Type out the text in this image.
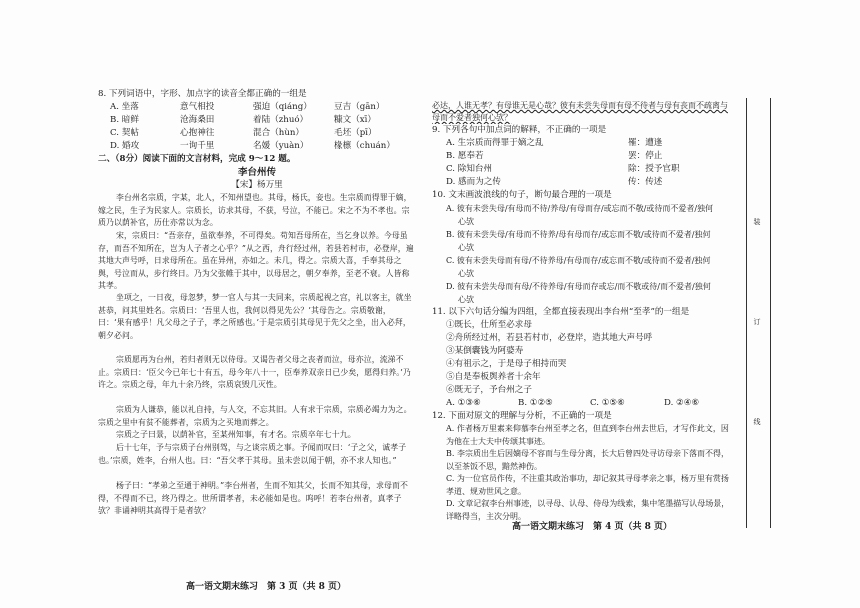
8. 下列词语中，字形、加点字的读音全都正确的一组是
A. 坐落	意气相投	强迫（qiáng）	豆吉（gān）
B. 暗鲜	沧海桑田	着陆（zhuó）	糠文（xī）
C. 契帖	心抱神往	混合（hùn）	毛坯（pī）
D. 婚攻	一询千里	名媛（yuàn）	椽檩（chuán）
二、（8分）阅读下面的文言材料，完成 9～12 题。
李台州传
【宋】杨万里

李台州名宗质，字某，北人，不知州望也。其母，杨氏，妾也。生宗质而得罪于嫡，嫁之民，生子为民家人。宗质长，访求其母，不获，号泣，不能已。宋之不为不孝也。宗质乃以荫补官，历仕亦常以为念。

宋，宗质曰：“吾亲存，虽欲奉养，不可得矣。苟知吾母所在，当乞身以养。今母虽存，而吾不知所在，岂为人子者之心乎？”从之西，舟行经过州，若县若村市，必登岸，遍其地大声号呼，日求母所在。虽在异州，亦如之。未几，得之。宗质大喜，手奉其母之舆，号泣而从，步行终日。乃为父张帷于其中，以母居之，朝夕奉养，至老不衰。人皆称其孝。

坐项之，一日夜，母忽梦，梦一官人与其一夫同来，宗质起视之宫，礼以客主，就坐甚恭，问其里姓名。宗质曰：‘吾里人也，我何以得见先公？’其母告之。宗质敬谢，曰：‘果有感乎！凡父母之子子，孝之所感也。’于是宗质引其母见于先父之坐，出入必拜，朝夕必问。

宗质愿再为台州，若归者则无以侍母。又谒告者父母之丧者而泣，母亦泣，流涕不止。宗质曰：‘臣父今已年七十有五，母今年八十一，臣奉养双亲日已少矣，愿得归养。’乃许之。宗质之母，年九十余乃终，宗质哀毁几灭性。

宗质为人谦恭，能以礼自持，与人交，不忘其旧。人有求于宗质，宗质必竭力为之。宗质之里中有贫不能葬者，宗质为之买地而葬之。

宗质之子曰景，以荫补官，至某州知事，有才名。宗质卒年七十九。

后十七年，予与宗质子台州别驾，与之谈宗质之事。予闻而叹曰：‘子之父，诚孝子也。’宗质，姓李，台州人也。曰：“吾父孝于其母。虽未尝以闻于朝，亦不求人知也。”

杨子曰：“孝弟之至通于神明。”李台州者，生而不知其父，长而不知其母，求母而不得，不得而不已，终乃得之。世所谓孝者，未必能如是也。呜呼！若李台州者，真孝子欤？非诵神明其高得于是者欤？

高一语文期末练习　第 3 页（共 8 页）
必达，人谁无孝？有母谁无是心哉？彼有未尝失母而有母不待者与母有丧而不疏离与母而不爱者独何心欤？
9. 下列各句中加点词的解释，不正确的一项是
A. 生宗质而得罪于嫡之乱	罹：遭逢
B. 愿奉若	罢：停止
C. 除知台州	除：授予官职
D. 感而为之传	传：传述
10. 文末画波浪线的句子，断句最合理的一项是
A. 彼有未尝失母/有母而不待/养母/有母而存/或忘而不敬/或待而不爱者/独何
心欤
B. 彼有未尝失母/有母而不待养/母有母而存/或忘而不敬/或待而不爱者/独何
心欤
C. 彼有未尝失母而有母/不待养母/有母而存/或忘而不敬/或待而不爱者/独何
心欤
D. 彼有未尝失母而有母/不待养母/有母而存或忘/而不敬或待/而不爱者/独何
心欤
11. 以下六句话分编为四组，全都直接表现出李台州“至孝”的一组是
①既长，仕所至必求母
②舟所经过州，若县若村市，必登岸，造其地大声号呼
③某倒囊钱为阿婆寿
④有祖示之，于是母子相持而哭
⑤自是奉板舆养者十余年
⑥既无子，予台州之子
A. ①③⑥	B. ①②⑤	C. ①⑤⑥	D. ②④⑥
12. 下面对原文的理解与分析，不正确的一项是

A. 作者杨万里素来仰慕李台州至孝之名，但直到李台州去世后，才写作此文，因为他在士大夫中传颂其事迹。

B. 李宗质出生后因嫡母不容而与生母分离，长大后曾四处寻访母亲下落而不得，以至茶饭不思，黯然神伤。

C. 为一位官员作传，不注重其政治事功，却记叙其寻母孝亲之事，杨万里有赏扬孝道、规劝世风之意。

D. 文章记叙李台州事迹，以寻母、认母、侍母为线索，集中笔墨描写认母场景，详略得当，主次分明。

高一语文期末练习　第 4 页（共 8 页）
装
订
线
